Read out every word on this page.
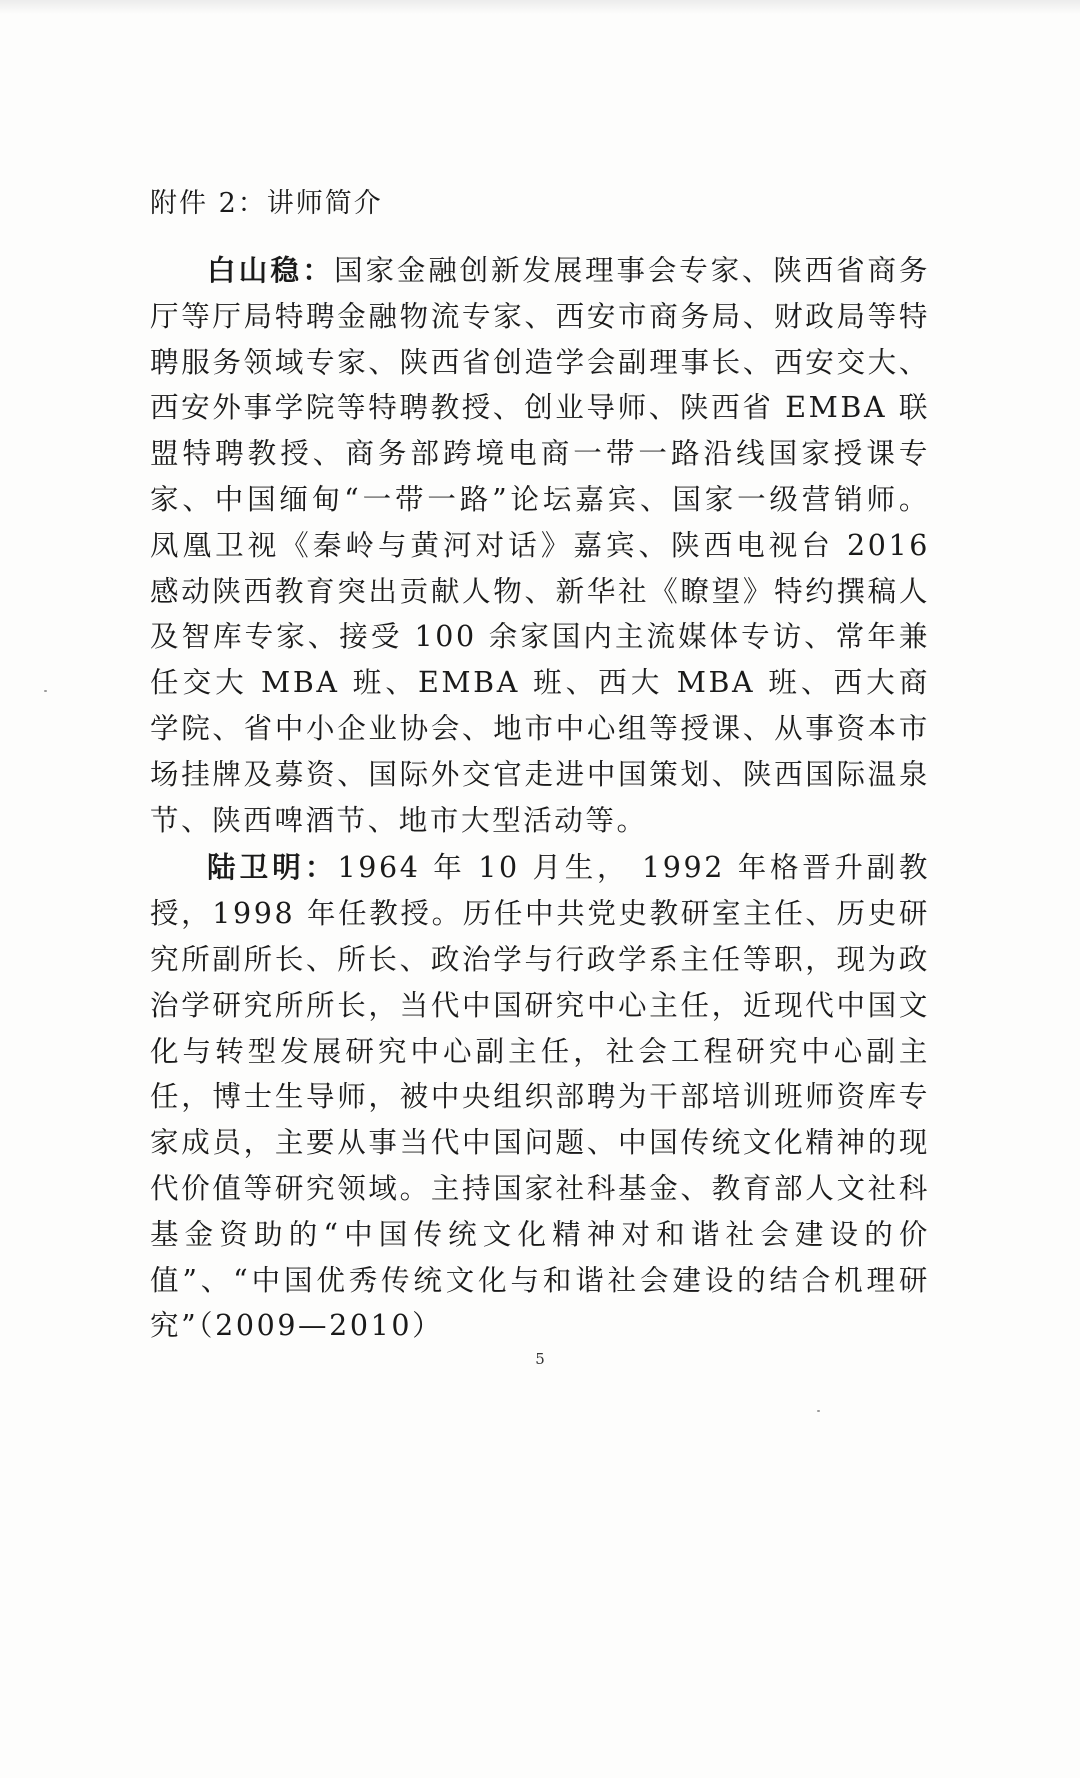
附件 2：讲师简介

白山稳：国家金融创新发展理事会专家、陕西省商务厅等厅局特聘金融物流专家、西安市商务局、财政局等特聘服务领域专家、陕西省创造学会副理事长、西安交大、西安外事学院等特聘教授、创业导师、陕西省 EMBA 联盟特聘教授、商务部跨境电商一带一路沿线国家授课专家、中国缅甸“一带一路”论坛嘉宾、国家一级营销师。凤凰卫视《秦岭与黄河对话》嘉宾、陕西电视台 2016 感动陕西教育突出贡献人物、新华社《瞭望》特约撰稿人及智库专家、接受 100 余家国内主流媒体专访、常年兼任交大 MBA 班、EMBA 班、西大 MBA 班、西大商学院、省中小企业协会、地市中心组等授课、从事资本市场挂牌及募资、国际外交官走进中国策划、陕西国际温泉节、陕西啤酒节、地市大型活动等。

陆卫明：1964 年 10 月生， 1992 年格晋升副教授，1998 年任教授。历任中共党史教研室主任、历史研究所副所长、所长、政治学与行政学系主任等职，现为政治学研究所所长，当代中国研究中心主任，近现代中国文化与转型发展研究中心副主任，社会工程研究中心副主任，博士生导师，被中央组织部聘为干部培训班师资库专家成员，主要从事当代中国问题、中国传统文化精神的现代价值等研究领域。主持国家社科基金、教育部人文社科基金资助的“中国传统文化精神对和谐社会建设的价值”、“中国优秀传统文化与和谐社会建设的结合机理研究”（2009—2010）

5
